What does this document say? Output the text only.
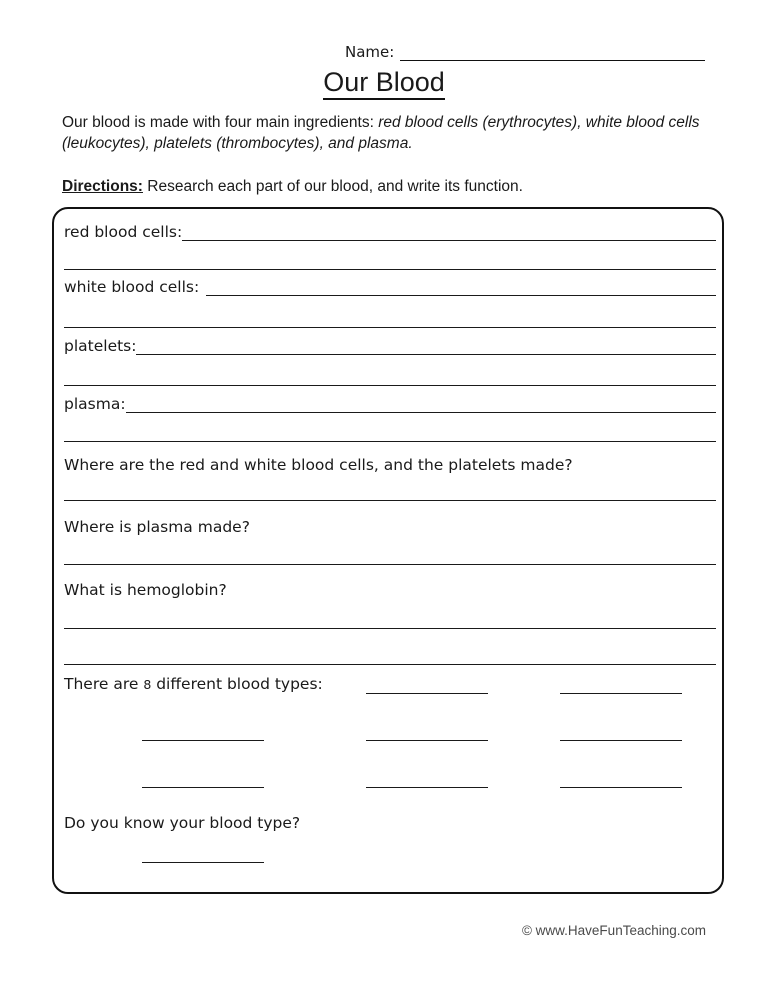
Name:
Our Blood
Our blood is made with four main ingredients: red blood cells (erythrocytes), white blood cells (leukocytes), platelets (thrombocytes), and plasma.
Directions: Research each part of our blood, and write its function.
red blood cells:
white blood cells:
platelets:
plasma:
Where are the red and white blood cells, and the platelets made?
Where is plasma made?
What is hemoglobin?
There are 8 different blood types:
Do you know your blood type?
© www.HaveFunTeaching.com
